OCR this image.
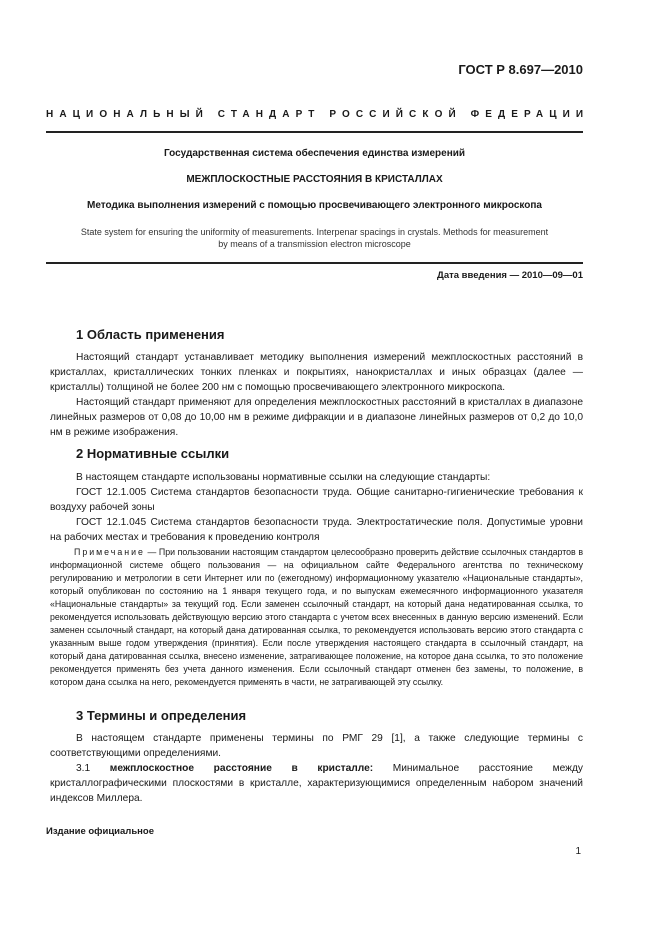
ГОСТ Р 8.697—2010
НАЦИОНАЛЬНЫЙ СТАНДАРТ РОССИЙСКОЙ ФЕДЕРАЦИИ
Государственная система обеспечения единства измерений
МЕЖПЛОСКОСТНЫЕ РАССТОЯНИЯ В КРИСТАЛЛАХ
Методика выполнения измерений с помощью просвечивающего электронного микроскопа
State system for ensuring the uniformity of measurements. Interpenar spacings in crystals. Methods for measurement
by means of a transmission electron microscope
Дата введения — 2010—09—01
1 Область применения

Настоящий стандарт устанавливает методику выполнения измерений межплоскостных расстояний в кристаллах, кристаллических тонких пленках и покрытиях, нанокристаллах и иных образцах (далее — кристаллы) толщиной не более 200 нм с помощью просвечивающего электронного микроскопа.

Настоящий стандарт применяют для определения межплоскостных расстояний в кристаллах в диапазоне линейных размеров от 0,08 до 10,00 нм в режиме дифракции и в диапазоне линейных размеров от 0,2 до 10,0 нм в режиме изображения.

2 Нормативные ссылки

В настоящем стандарте использованы нормативные ссылки на следующие стандарты:

ГОСТ 12.1.005 Система стандартов безопасности труда. Общие санитарно-гигиенические требования к воздуху рабочей зоны

ГОСТ 12.1.045 Система стандартов безопасности труда. Электростатические поля. Допустимые уровни на рабочих местах и требования к проведению контроля

Примечание — При пользовании настоящим стандартом целесообразно проверить действие ссылочных стандартов в информационной системе общего пользования — на официальном сайте Федерального агентства по техническому регулированию и метрологии в сети Интернет или по (ежегодному) информационному указателю «Национальные стандарты», который опубликован по состоянию на 1 января текущего года, и по выпускам ежемесячного информационного указателя «Национальные стандарты» за текущий год. Если заменен ссылочный стандарт, на который дана недатированная ссылка, то рекомендуется использовать действующую версию этого стандарта с учетом всех внесенных в данную версию изменений. Если заменен ссылочный стандарт, на который дана датированная ссылка, то рекомендуется использовать версию этого стандарта с указанным выше годом утверждения (принятия). Если после утверждения настоящего стандарта в ссылочный стандарт, на который дана датированная ссылка, внесено изменение, затрагивающее положение, на которое дана ссылка, то это положение рекомендуется применять без учета данного изменения. Если ссылочный стандарт отменен без замены, то положение, в котором дана ссылка на него, рекомендуется применять в части, не затрагивающей эту ссылку.

3 Термины и определения

В настоящем стандарте применены термины по РМГ 29 [1], а также следующие термины с соответствующими определениями.

3.1 межплоскостное расстояние в кристалле: Минимальное расстояние между кристаллографическими плоскостями в кристалле, характеризующимися определенным набором значений индексов Миллера.

Издание официальное
1
